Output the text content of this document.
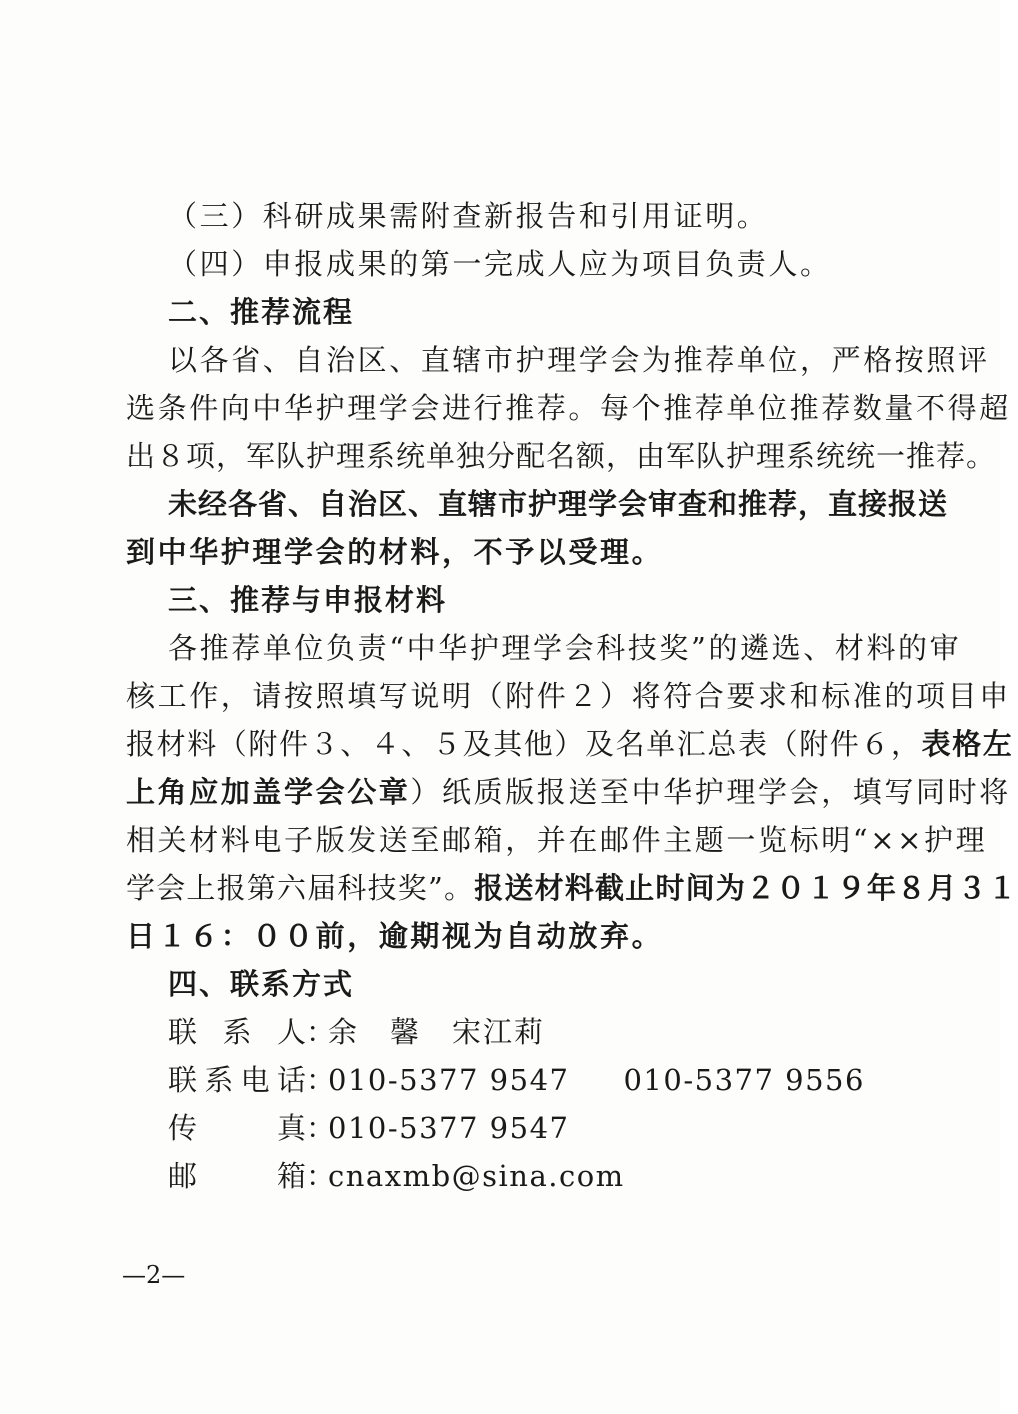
（三）科研成果需附查新报告和引用证明。
（四）申报成果的第一完成人应为项目负责人。
二、推荐流程
以各省、自治区、直辖市护理学会为推荐单位，严格按照评
选条件向中华护理学会进行推荐。每个推荐单位推荐数量不得超
出８项，军队护理系统单独分配名额，由军队护理系统统一推荐。
未经各省、自治区、直辖市护理学会审查和推荐，直接报送
到中华护理学会的材料，不予以受理。
三、推荐与申报材料
各推荐单位负责“中华护理学会科技奖”的遴选、材料的审
核工作，请按照填写说明（附件２）将符合要求和标准的项目申
报材料（附件３、４、５及其他）及名单汇总表（附件６，表格左
上角应加盖学会公章）纸质版报送至中华护理学会，填写同时将
相关材料电子版发送至邮箱，并在邮件主题一览标明“××护理
学会上报第六届科技奖”。报送材料截止时间为２０１９年８月３１
日１６：００前，逾期视为自动放弃。
四、联系方式
联系人：余　馨　宋江莉
联系电话：010-5377 9547 010-5377 9556
传真：010-5377 9547
邮箱：cnaxmb@sina.com
—2—
